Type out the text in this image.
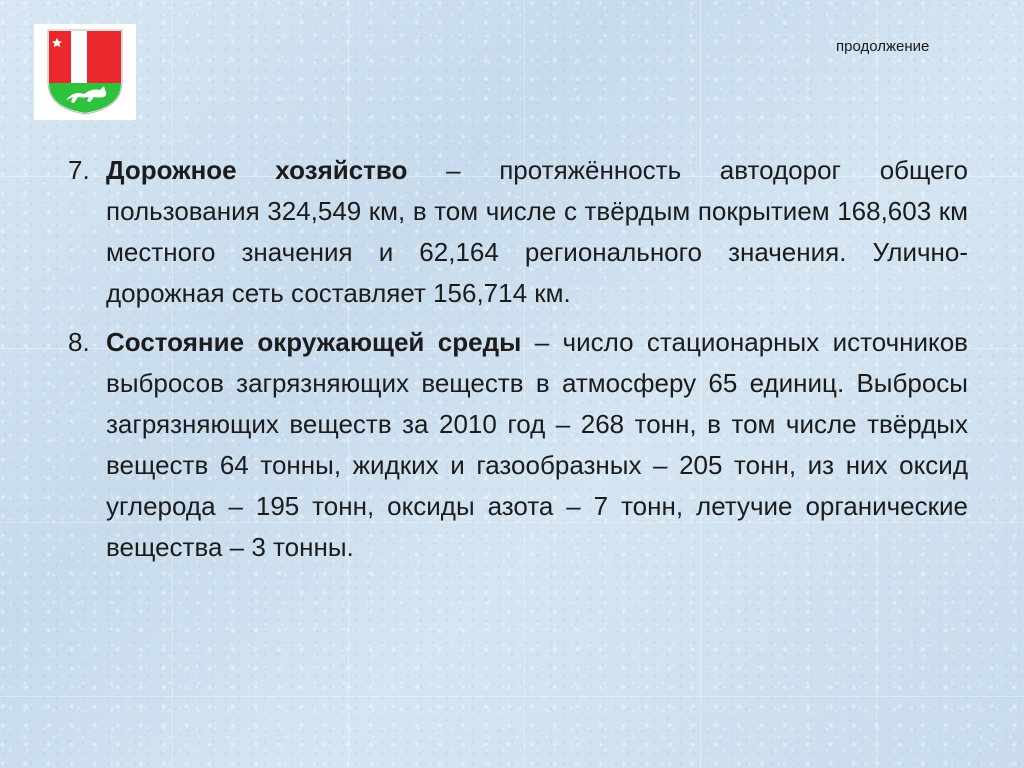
продолжение
7. Дорожное хозяйство – протяжённость автодорог общего пользования 324,549 км, в том числе с твёрдым покрытием 168,603 км местного значения и 62,164 регионального значения. Улично-дорожная сеть составляет 156,714 км.
8. Состояние окружающей среды – число стационарных источников выбросов загрязняющих веществ в атмосферу 65 единиц. Выбросы загрязняющих веществ за 2010 год – 268 тонн, в том числе твёрдых веществ 64 тонны, жидких и газообразных – 205 тонн, из них оксид углерода – 195 тонн, оксиды азота – 7 тонн, летучие органические вещества – 3 тонны.
